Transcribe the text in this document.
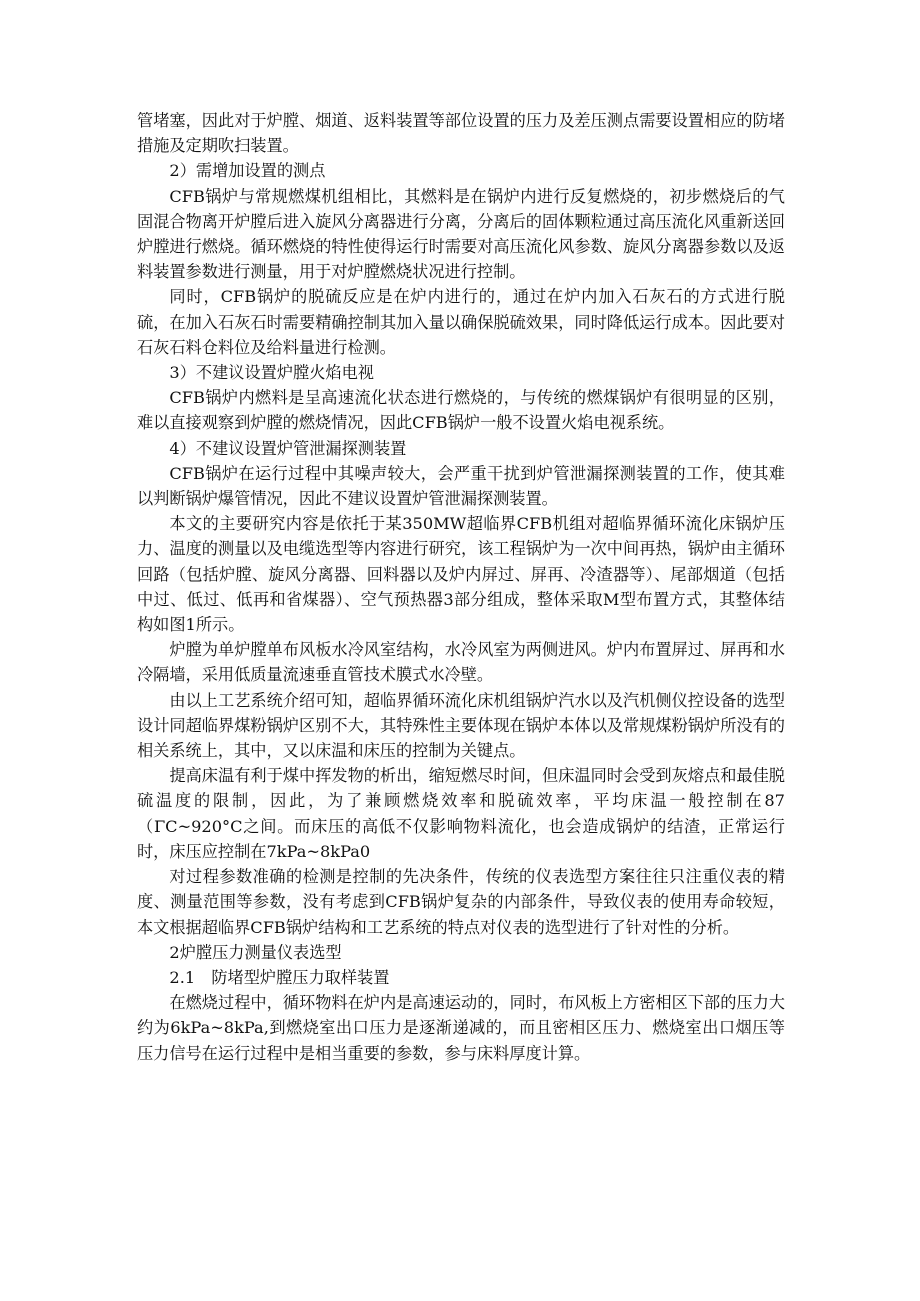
管堵塞，因此对于炉膛、烟道、返料装置等部位设置的压力及差压测点需要设置相应的防堵措施及定期吹扫装置。

2）需增加设置的测点

CFB锅炉与常规燃煤机组相比，其燃料是在锅炉内进行反复燃烧的，初步燃烧后的气固混合物离开炉膛后进入旋风分离器进行分离，分离后的固体颗粒通过高压流化风重新送回炉膛进行燃烧。循环燃烧的特性使得运行时需要对高压流化风参数、旋风分离器参数以及返料装置参数进行测量，用于对炉膛燃烧状况进行控制。

同时，CFB锅炉的脱硫反应是在炉内进行的，通过在炉内加入石灰石的方式进行脱硫，在加入石灰石时需要精确控制其加入量以确保脱硫效果，同时降低运行成本。因此要对石灰石料仓料位及给料量进行检测。

3）不建议设置炉膛火焰电视

CFB锅炉内燃料是呈高速流化状态进行燃烧的，与传统的燃煤锅炉有很明显的区别，难以直接观察到炉膛的燃烧情况，因此CFB锅炉一般不设置火焰电视系统。

4）不建议设置炉管泄漏探测装置

CFB锅炉在运行过程中其噪声较大，会严重干扰到炉管泄漏探测装置的工作，使其难以判断锅炉爆管情况，因此不建议设置炉管泄漏探测装置。

本文的主要研究内容是依托于某350MW超临界CFB机组对超临界循环流化床锅炉压力、温度的测量以及电缆选型等内容进行研究，该工程锅炉为一次中间再热，锅炉由主循环回路（包括炉膛、旋风分离器、回料器以及炉内屏过、屏再、冷渣器等）、尾部烟道（包括中过、低过、低再和省煤器）、空气预热器3部分组成，整体采取M型布置方式，其整体结构如图1所示。

炉膛为单炉膛单布风板水冷风室结构，水冷风室为两侧进风。炉内布置屏过、屏再和水冷隔墙，采用低质量流速垂直管技术膜式水冷壁。

由以上工艺系统介绍可知，超临界循环流化床机组锅炉汽水以及汽机侧仪控设备的选型设计同超临界煤粉锅炉区别不大，其特殊性主要体现在锅炉本体以及常规煤粉锅炉所没有的相关系统上，其中，又以床温和床压的控制为关键点。

提高床温有利于煤中挥发物的析出，缩短燃尽时间，但床温同时会受到灰熔点和最佳脱硫温度的限制，因此，为了兼顾燃烧效率和脱硫效率，平均床温一般控制在87（ΓC~920°C之间。而床压的高低不仅影响物料流化，也会造成锅炉的结渣，正常运行时，床压应控制在7kPa~8kPa0

对过程参数准确的检测是控制的先决条件，传统的仪表选型方案往往只注重仪表的精度、测量范围等参数，没有考虑到CFB锅炉复杂的内部条件，导致仪表的使用寿命较短，本文根据超临界CFB锅炉结构和工艺系统的特点对仪表的选型进行了针对性的分析。

2炉膛压力测量仪表选型

2.1　防堵型炉膛压力取样装置

在燃烧过程中，循环物料在炉内是高速运动的，同时，布风板上方密相区下部的压力大约为6kPa~8kPa,到燃烧室出口压力是逐渐递减的，而且密相区压力、燃烧室出口烟压等压力信号在运行过程中是相当重要的参数，参与床料厚度计算。
